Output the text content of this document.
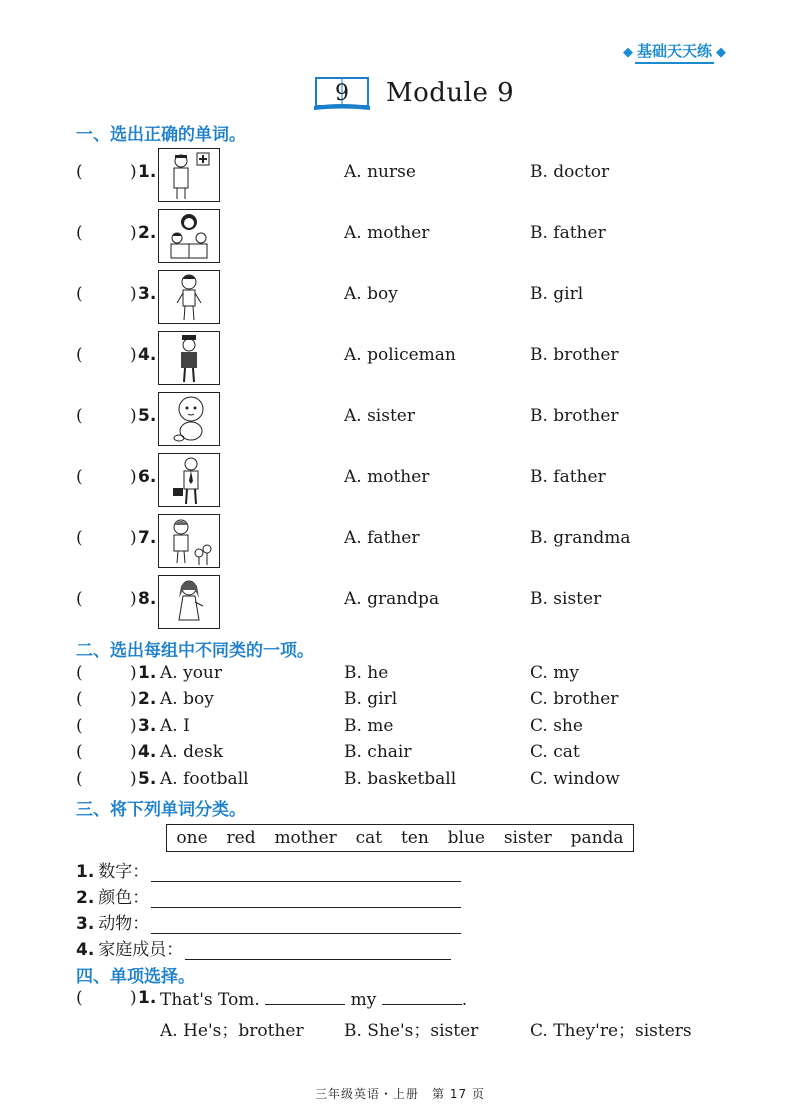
◆ 基础天天练 ◆
9 Module 9
一、选出正确的单词。
(	) 1.	A. nurse	B. doctor
(	) 2.	A. mother	B. father
(	) 3.	A. boy	B. girl
(	) 4.	A. policeman	B. brother
(	) 5.	A. sister	B. brother
(	) 6.	A. mother	B. father
(	) 7.	A. father	B. grandma
(	) 8.	A. grandpa	B. sister
二、选出每组中不同类的一项。
(	) 1. A. your	B. he	C. my
(	) 2. A. boy	B. girl	C. brother
(	) 3. A. I	B. me	C. she
(	) 4. A. desk	B. chair	C. cat
(	) 5. A. football	B. basketball	C. window
三、将下列单词分类。
one red mother cat ten blue sister panda
1. 数字：
2. 颜色：
3. 动物：
4. 家庭成员：
四、单项选择。
(	) 1. That's Tom.	my	.
A. He's；brother B. She's；sister	C. They're；sisters
三年级英语・上册　第 17 页
